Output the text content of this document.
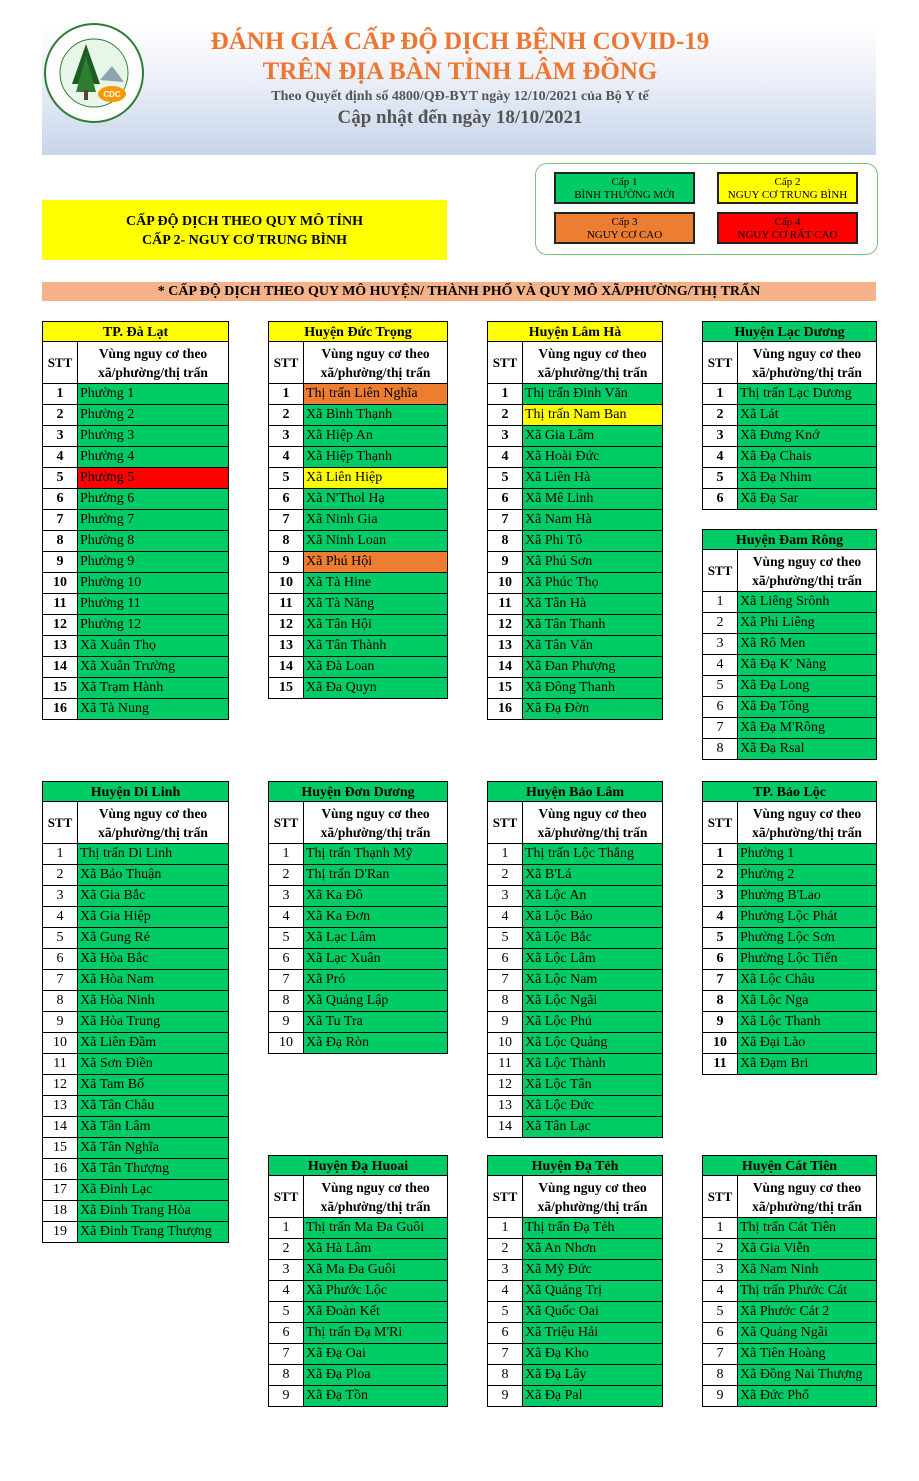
CDC
ĐÁNH GIÁ CẤP ĐỘ DỊCH BỆNH COVID-19
TRÊN ĐỊA BÀN TỈNH LÂM ĐỒNG
Theo Quyết định số 4800/QĐ-BYT ngày 12/10/2021 của Bộ Y tế
Cập nhật đến ngày 18/10/2021
Cấp 1
BÌNH THƯỜNG MỚI
Cấp 2
NGUY CƠ TRUNG BÌNH
Cấp 3
NGUY CƠ CAO
Cấp 4
NGUY CƠ RẤT CAO
CẤP ĐỘ DỊCH THEO QUY MÔ TỈNH
CẤP 2- NGUY CƠ TRUNG BÌNH
* CẤP ĐỘ DỊCH THEO QUY MÔ HUYỆN/ THÀNH PHỐ VÀ QUY MÔ XÃ/PHƯỜNG/THỊ TRẤN
TP. Đà Lạt
STT
Vùng nguy cơ theo
xã/phường/thị trấn
1	Phường 1
2	Phường 2
3	Phường 3
4	Phường 4
5	Phường 5
6	Phường 6
7	Phường 7
8	Phường 8
9	Phường 9
10 Phường 10
11 Phường 11
12 Phường 12
13 Xã Xuân Thọ
14 Xã Xuân Trường
15 Xã Trạm Hành
16 Xã Tà Nung
Huyện Đức Trọng
STT
Vùng nguy cơ theo
xã/phường/thị trấn
1	Thị trấn Liên Nghĩa
2	Xã Bình Thạnh
3	Xã Hiệp An
4	Xã Hiệp Thạnh
5	Xã Liên Hiệp
6	Xã N'Thol Hạ
7	Xã Ninh Gia
8	Xã Ninh Loan
9	Xã Phú Hội
10 Xã Tà Hine
11 Xã Tà Năng
12 Xã Tân Hội
13 Xã Tân Thành
14 Xã Đà Loan
15 Xã Đa Quyn
Huyện Lâm Hà
STT
Vùng nguy cơ theo
xã/phường/thị trấn
1	Thị trấn Đinh Văn
2	Thị trấn Nam Ban
3	Xã Gia Lâm
4	Xã Hoài Đức
5	Xã Liên Hà
6	Xã Mê Linh
7	Xã Nam Hà
8	Xã Phi Tô
9	Xã Phú Sơn
10 Xã Phúc Thọ
11 Xã Tân Hà
12 Xã Tân Thanh
13 Xã Tân Văn
14 Xã Đan Phượng
15 Xã Đông Thanh
16 Xã Đạ Đờn
Huyện Lạc Dương
STT
Vùng nguy cơ theo
xã/phường/thị trấn
1	Thị trấn Lạc Dương
2	Xã Lát
3	Xã Đưng Knớ
4	Xã Đạ Chais
5	Xã Đạ Nhim
6	Xã Đạ Sar
Huyện Đam Rông
STT
Vùng nguy cơ theo
xã/phường/thị trấn
1	Xã Liêng Srônh
2	Xã Phi Liêng
3	Xã Rô Men
4	Xã Đạ K' Nàng
5	Xã Đạ Long
6	Xã Đạ Tông
7	Xã Đạ M'Rông
8	Xã Đạ Rsal
Huyện Di Linh
STT
Vùng nguy cơ theo
xã/phường/thị trấn
1	Thị trấn Di Linh
2	Xã Bảo Thuận
3	Xã Gia Bắc
4	Xã Gia Hiệp
5	Xã Gung Ré
6	Xã Hòa Bắc
7	Xã Hòa Nam
8	Xã Hòa Ninh
9	Xã Hòa Trung
10 Xã Liên Đầm
11 Xã Sơn Điền
12 Xã Tam Bố
13 Xã Tân Châu
14 Xã Tân Lâm
15 Xã Tân Nghĩa
16 Xã Tân Thượng
17 Xã Đinh Lạc
18 Xã Đinh Trang Hòa
19 Xã Đinh Trang Thượng
Huyện Đơn Dương
STT
Vùng nguy cơ theo
xã/phường/thị trấn
1	Thị trấn Thạnh Mỹ
2	Thị trấn D'Ran
3	Xã Ka Đô
4	Xã Ka Đơn
5	Xã Lạc Lâm
6	Xã Lạc Xuân
7	Xã Pró
8	Xã Quảng Lập
9	Xã Tu Tra
10 Xã Đạ Ròn
Huyện Bảo Lâm
STT
Vùng nguy cơ theo
xã/phường/thị trấn
1	Thị trấn Lộc Thắng
2	Xã B'Lá
3	Xã Lộc An
4	Xã Lộc Bảo
5	Xã Lộc Bắc
6	Xã Lộc Lâm
7	Xã Lộc Nam
8	Xã Lộc Ngãi
9	Xã Lộc Phú
10 Xã Lộc Quảng
11 Xã Lộc Thành
12 Xã Lộc Tân
13 Xã Lộc Đức
14 Xã Tân Lạc
TP. Bảo Lộc
STT
Vùng nguy cơ theo
xã/phường/thị trấn
1	Phường 1
2	Phường 2
3	Phường B'Lao
4	Phường Lộc Phát
5	Phường Lộc Sơn
6	Phường Lộc Tiến
7	Xã Lộc Châu
8	Xã Lộc Nga
9	Xã Lộc Thanh
10 Xã Đại Lào
11 Xã Đạm Bri
Huyện Đạ Huoai
STT
Vùng nguy cơ theo
xã/phường/thị trấn
1	Thị trấn Ma Đa Guôi
2	Xã Hà Lâm
3	Xã Ma Đa Guôi
4	Xã Phước Lộc
5	Xã Đoàn Kết
6	Thị trấn Đạ M'Ri
7	Xã Đạ Oai
8	Xã Đạ Ploa
9	Xã Đạ Tồn
Huyện Đạ Tẻh
STT
Vùng nguy cơ theo
xã/phường/thị trấn
1	Thị trấn Đạ Tẻh
2	Xã An Nhơn
3	Xã Mỹ Đức
4	Xã Quảng Trị
5	Xã Quốc Oai
6	Xã Triệu Hải
7	Xã Đạ Kho
8	Xã Đạ Lây
9	Xã Đạ Pal
Huyện Cát Tiên
STT
Vùng nguy cơ theo
xã/phường/thị trấn
1	Thị trấn Cát Tiên
2	Xã Gia Viễn
3	Xã Nam Ninh
4	Thị trấn Phước Cát
5	Xã Phước Cát 2
6	Xã Quảng Ngãi
7	Xã Tiên Hoàng
8	Xã Đồng Nai Thượng
9	Xã Đức Phổ
